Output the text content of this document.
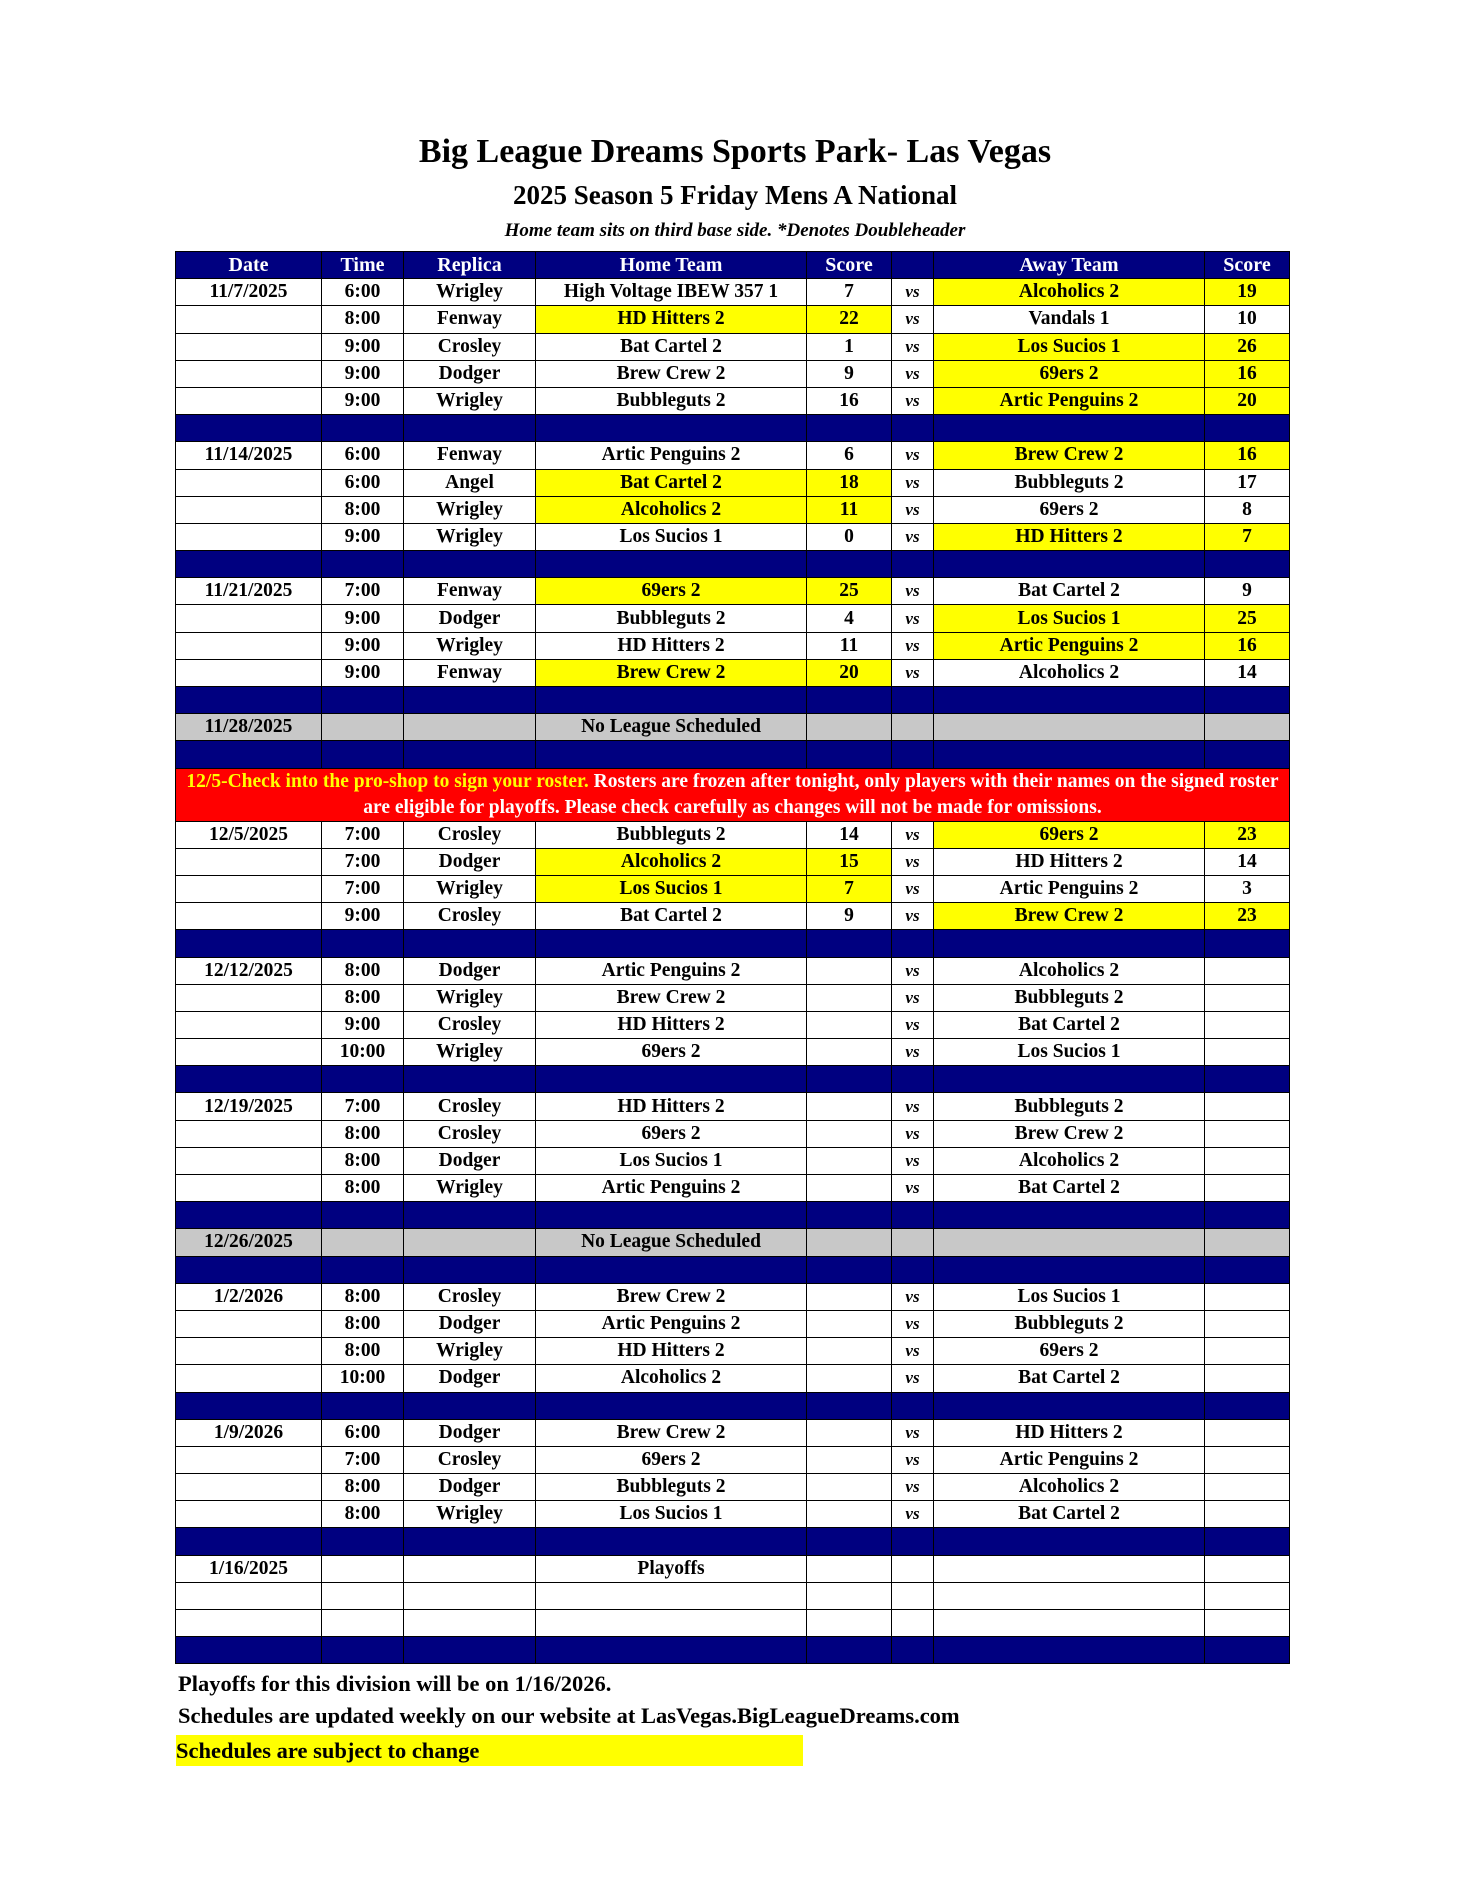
Big League Dreams Sports Park- Las Vegas
2025 Season 5 Friday Mens A National
Home team sits on third base side. *Denotes Doubleheader
Date	Time	Replica	Home Team	Score		Away Team	Score
11/7/2025	6:00	Wrigley	High Voltage IBEW 357 1	7	vs	Alcoholics 2	19
	8:00	Fenway	HD Hitters 2	22	vs	Vandals 1	10
	9:00	Crosley	Bat Cartel 2	1	vs	Los Sucios 1	26
	9:00	Dodger	Brew Crew 2	9	vs	69ers 2	16
	9:00	Wrigley	Bubbleguts 2	16	vs	Artic Penguins 2	20

11/14/2025	6:00	Fenway	Artic Penguins 2	6	vs	Brew Crew 2	16
	6:00	Angel	Bat Cartel 2	18	vs	Bubbleguts 2	17
	8:00	Wrigley	Alcoholics 2	11	vs	69ers 2	8
	9:00	Wrigley	Los Sucios 1	0	vs	HD Hitters 2	7

11/21/2025	7:00	Fenway	69ers 2	25	vs	Bat Cartel 2	9
	9:00	Dodger	Bubbleguts 2	4	vs	Los Sucios 1	25
	9:00	Wrigley	HD Hitters 2	11	vs	Artic Penguins 2	16
	9:00	Fenway	Brew Crew 2	20	vs	Alcoholics 2	14

11/28/2025			No League Scheduled				

12/5-Check into the pro-shop to sign your roster. Rosters are frozen after tonight, only players with their names on the signed roster are eligible for playoffs. Please check carefully as changes will not be made for omissions.							
12/5/2025	7:00	Crosley	Bubbleguts 2	14	vs	69ers 2	23
	7:00	Dodger	Alcoholics 2	15	vs	HD Hitters 2	14
	7:00	Wrigley	Los Sucios 1	7	vs	Artic Penguins 2	3
	9:00	Crosley	Bat Cartel 2	9	vs	Brew Crew 2	23

12/12/2025	8:00	Dodger	Artic Penguins 2		vs	Alcoholics 2	
	8:00	Wrigley	Brew Crew 2		vs	Bubbleguts 2	
	9:00	Crosley	HD Hitters 2		vs	Bat Cartel 2	
	10:00	Wrigley	69ers 2		vs	Los Sucios 1	

12/19/2025	7:00	Crosley	HD Hitters 2		vs	Bubbleguts 2	
	8:00	Crosley	69ers 2		vs	Brew Crew 2	
	8:00	Dodger	Los Sucios 1		vs	Alcoholics 2	
	8:00	Wrigley	Artic Penguins 2		vs	Bat Cartel 2	

12/26/2025			No League Scheduled				

1/2/2026	8:00	Crosley	Brew Crew 2		vs	Los Sucios 1	
	8:00	Dodger	Artic Penguins 2		vs	Bubbleguts 2	
	8:00	Wrigley	HD Hitters 2		vs	69ers 2	
	10:00	Dodger	Alcoholics 2		vs	Bat Cartel 2	

1/9/2026	6:00	Dodger	Brew Crew 2		vs	HD Hitters 2	
	7:00	Crosley	69ers 2		vs	Artic Penguins 2	
	8:00	Dodger	Bubbleguts 2		vs	Alcoholics 2	
	8:00	Wrigley	Los Sucios 1		vs	Bat Cartel 2	

1/16/2025			Playoffs				

Playoffs for this division will be on 1/16/2026.
Schedules are updated weekly on our website at LasVegas.BigLeagueDreams.com
Schedules are subject to change
